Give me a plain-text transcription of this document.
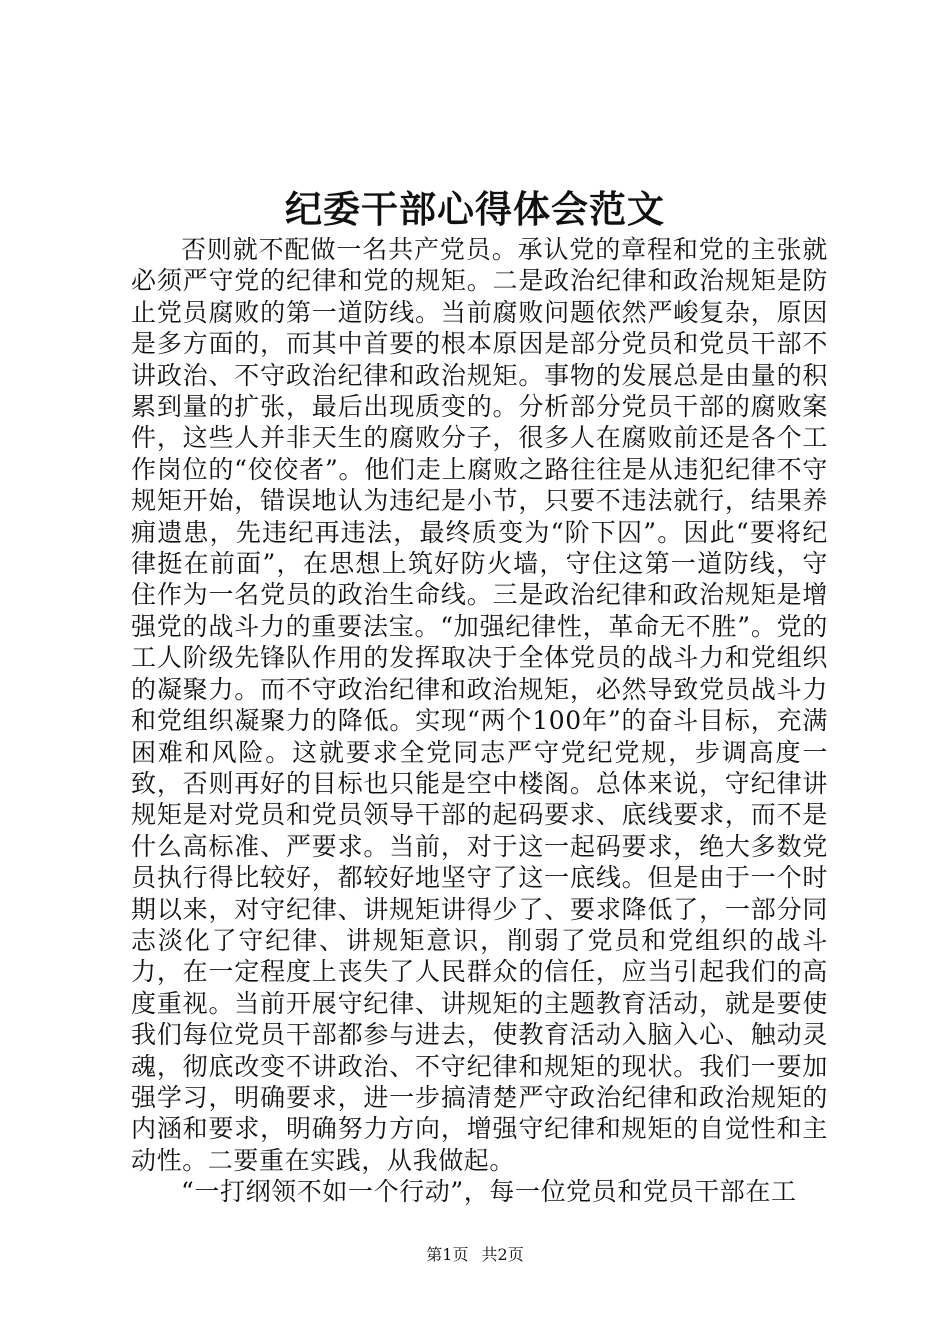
纪委干部心得体会范文

否则就不配做一名共产党员。承认党的章程和党的主张就必须严守党的纪律和党的规矩。二是政治纪律和政治规矩是防止党员腐败的第一道防线。当前腐败问题依然严峻复杂，原因是多方面的，而其中首要的根本原因是部分党员和党员干部不讲政治、不守政治纪律和政治规矩。事物的发展总是由量的积累到量的扩张，最后出现质变的。分析部分党员干部的腐败案件，这些人并非天生的腐败分子，很多人在腐败前还是各个工作岗位的“佼佼者”。他们走上腐败之路往往是从违犯纪律不守规矩开始，错误地认为违纪是小节，只要不违法就行，结果养痈遗患，先违纪再违法，最终质变为“阶下囚”。因此“要将纪律挺在前面”，在思想上筑好防火墙，守住这第一道防线，守住作为一名党员的政治生命线。三是政治纪律和政治规矩是增强党的战斗力的重要法宝。“加强纪律性，革命无不胜”。党的工人阶级先锋队作用的发挥取决于全体党员的战斗力和党组织的凝聚力。而不守政治纪律和政治规矩，必然导致党员战斗力和党组织凝聚力的降低。实现“两个100年”的奋斗目标，充满困难和风险。这就要求全党同志严守党纪党规，步调高度一致，否则再好的目标也只能是空中楼阁。总体来说，守纪律讲规矩是对党员和党员领导干部的起码要求、底线要求，而不是什么高标准、严要求。当前，对于这一起码要求，绝大多数党员执行得比较好，都较好地坚守了这一底线。但是由于一个时期以来，对守纪律、讲规矩讲得少了、要求降低了，一部分同志淡化了守纪律、讲规矩意识，削弱了党员和党组织的战斗力，在一定程度上丧失了人民群众的信任，应当引起我们的高度重视。当前开展守纪律、讲规矩的主题教育活动，就是要使我们每位党员干部都参与进去，使教育活动入脑入心、触动灵魂，彻底改变不讲政治、不守纪律和规矩的现状。我们一要加强学习，明确要求，进一步搞清楚严守政治纪律和政治规矩的内涵和要求，明确努力方向，增强守纪律和规矩的自觉性和主动性。二要重在实践，从我做起。

“一打纲领不如一个行动”，每一位党员和党员干部在工

第1页 共2页
